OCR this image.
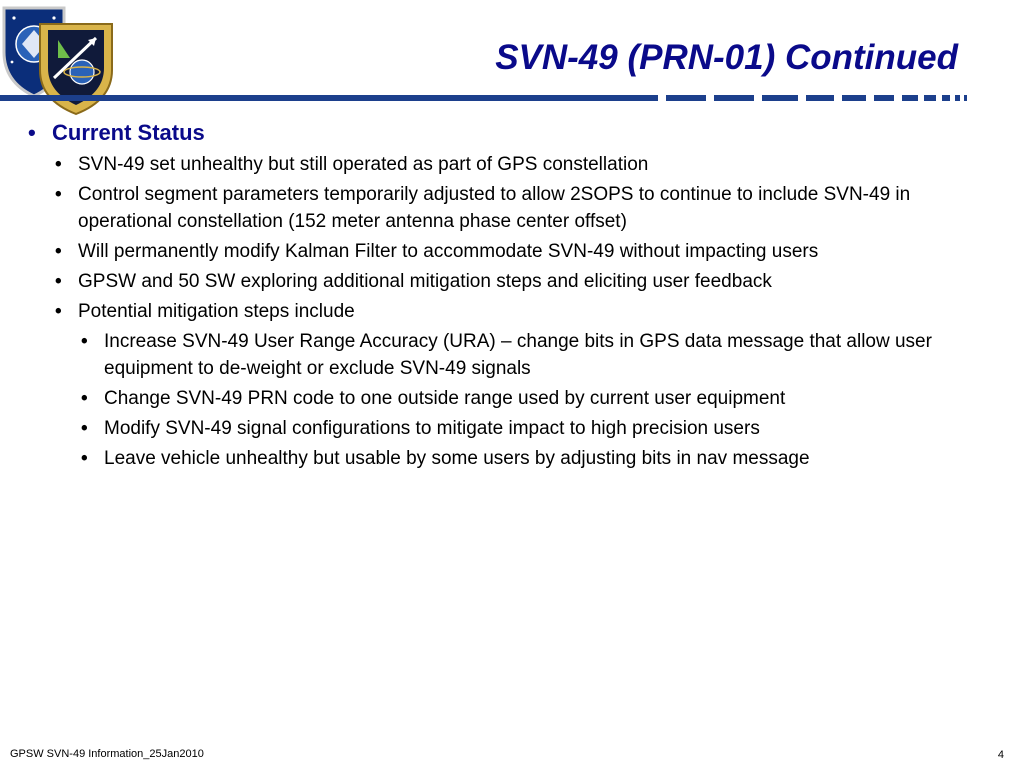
SVN-49 (PRN-01) Continued
• Current Status
• SVN-49 set unhealthy but still operated as part of GPS constellation
• Control segment parameters temporarily adjusted to allow 2SOPS to continue to include SVN-49 in operational constellation (152 meter antenna phase center offset)
• Will permanently modify Kalman Filter to accommodate SVN-49 without impacting users
• GPSW and 50 SW exploring additional mitigation steps and eliciting user feedback
• Potential mitigation steps include
• Increase SVN-49 User Range Accuracy (URA) – change bits in GPS data message that allow user equipment to de-weight or exclude SVN-49 signals
• Change SVN-49 PRN code to one outside range used by current user equipment
• Modify SVN-49 signal configurations to mitigate impact to high precision users
• Leave vehicle unhealthy but usable by some users by adjusting bits in nav message
GPSW SVN-49 Information_25Jan2010	4
